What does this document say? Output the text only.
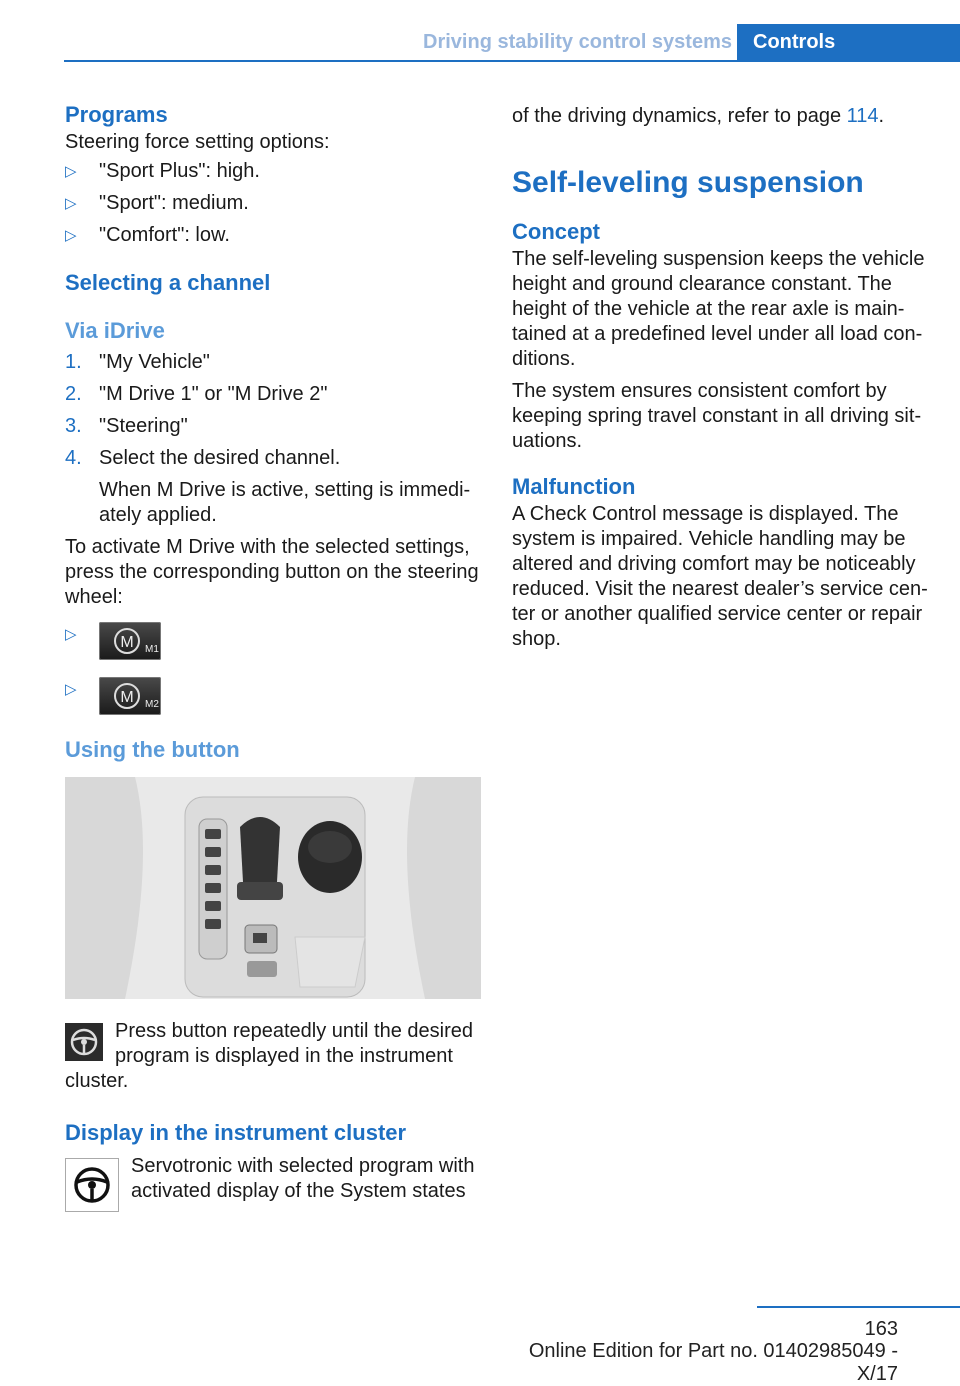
Driving stability control systems	Controls
Programs

Steering force setting options:

▷ "Sport Plus": high.
▷ "Sport": medium.
▷ "Comfort": low.
Selecting a channel
Via iDrive
1. "My Vehicle"
2. "M Drive 1" or "M Drive 2"
3. "Steering"
4. Select the desired channel.
When M Drive is active, setting is immediately applied.

To activate M Drive with the selected settings, press the corresponding button on the steering wheel:

▷	M M1
▷	M M2
Using the button
Press button repeatedly until the desired program is displayed in the instrument cluster.
Display in the instrument cluster
Servotronic with selected program with activated display of the System states

of the driving dynamics, refer to page 114.

Self-leveling suspension
Concept

The self-leveling suspension keeps the vehicle height and ground clearance constant. The height of the vehicle at the rear axle is maintained at a predefined level under all load conditions.

The system ensures consistent comfort by keeping spring travel constant in all driving situations.

Malfunction

A Check Control message is displayed. The system is impaired. Vehicle handling may be altered and driving comfort may be noticeably reduced. Visit the nearest dealer’s service center or another qualified service center or repair shop.

163
Online Edition for Part no. 01402985049 - X/17
